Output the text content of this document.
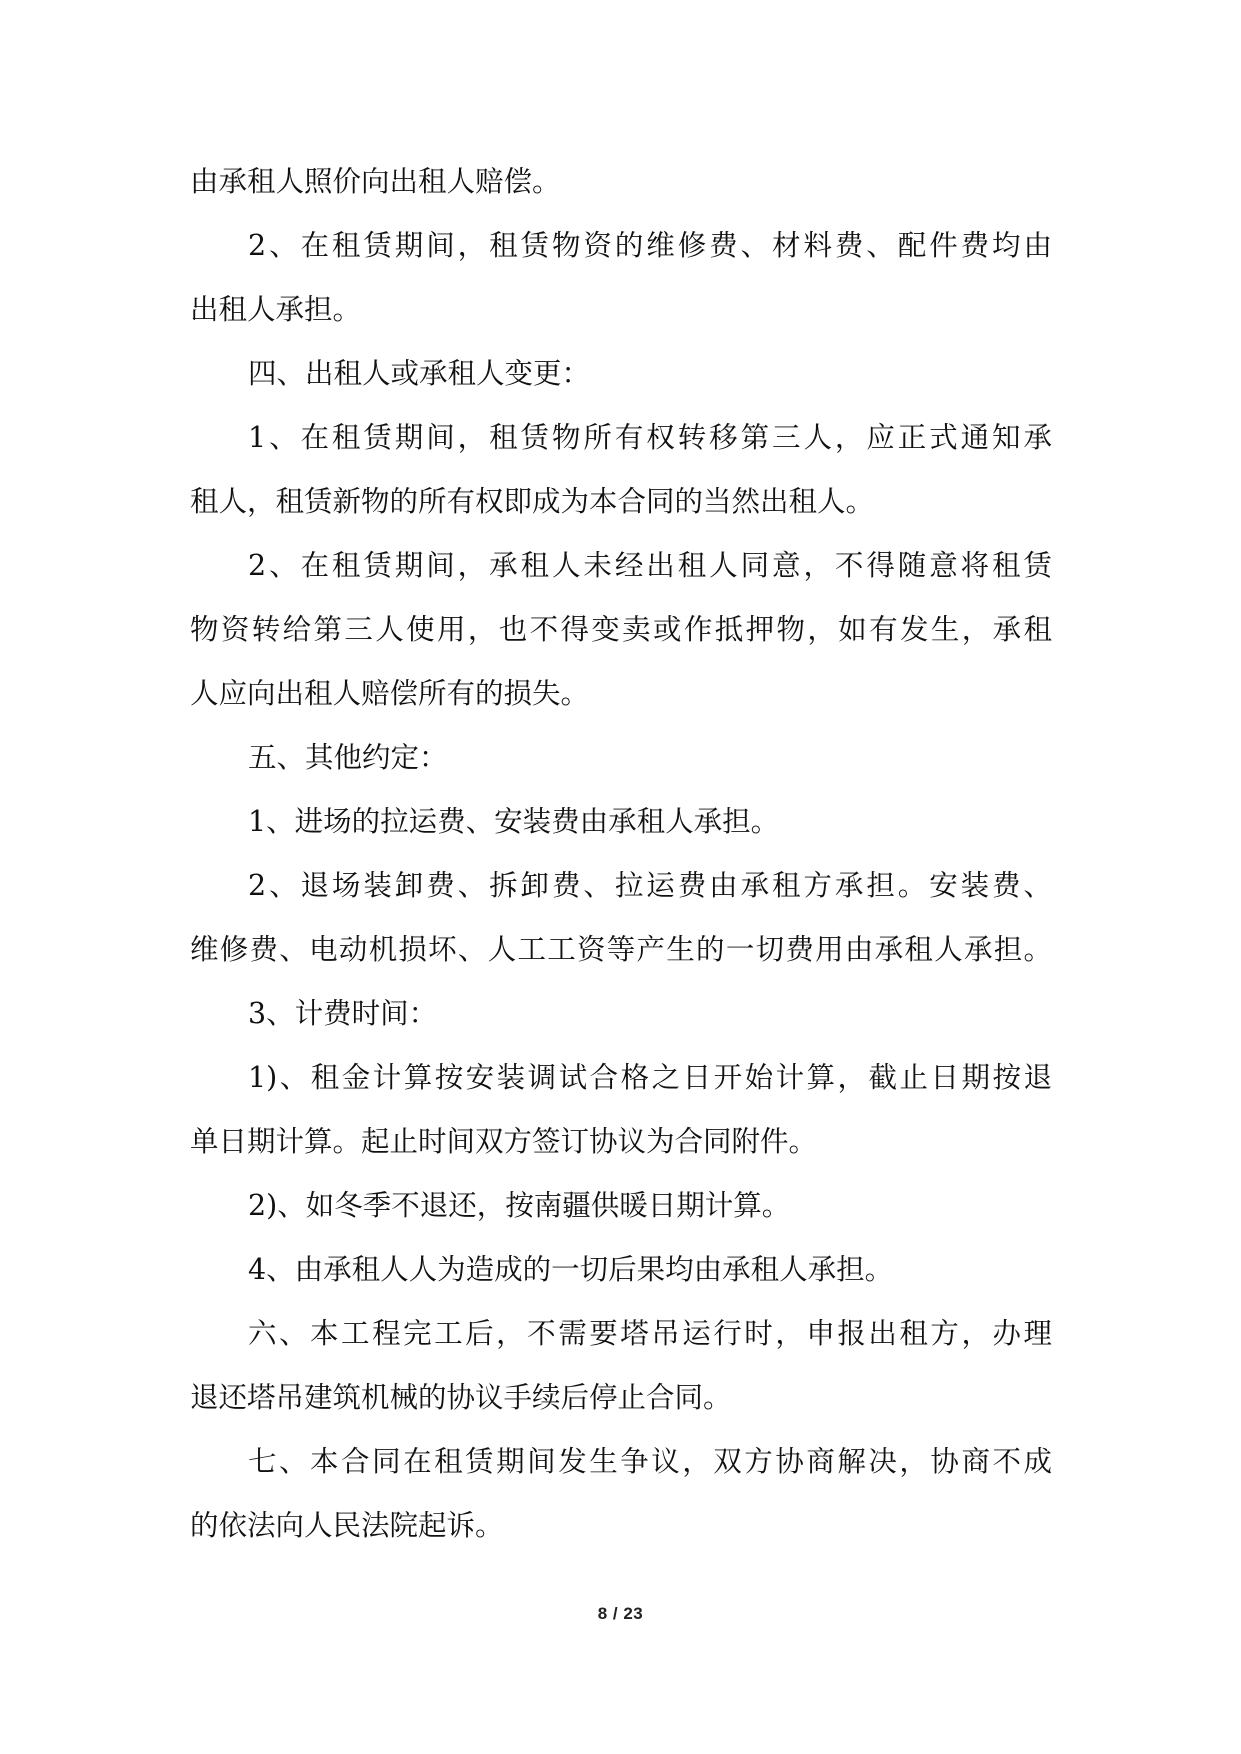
由承租人照价向出租人赔偿。
2、在租赁期间，租赁物资的维修费、材料费、配件费均由
出租人承担。
四、出租人或承租人变更：
1、在租赁期间，租赁物所有权转移第三人，应正式通知承
租人，租赁新物的所有权即成为本合同的当然出租人。
2、在租赁期间，承租人未经出租人同意，不得随意将租赁
物资转给第三人使用，也不得变卖或作抵押物，如有发生，承租
人应向出租人赔偿所有的损失。
五、其他约定：
1、进场的拉运费、安装费由承租人承担。
2、退场装卸费、拆卸费、拉运费由承租方承担。安装费、
维修费、电动机损坏、人工工资等产生的一切费用由承租人承担。
3、计费时间：
1)、租金计算按安装调试合格之日开始计算，截止日期按退
单日期计算。起止时间双方签订协议为合同附件。
2)、如冬季不退还，按南疆供暖日期计算。
4、由承租人人为造成的一切后果均由承租人承担。
六、本工程完工后，不需要塔吊运行时，申报出租方，办理
退还塔吊建筑机械的协议手续后停止合同。
七、本合同在租赁期间发生争议，双方协商解决，协商不成
的依法向人民法院起诉。
8 / 23
